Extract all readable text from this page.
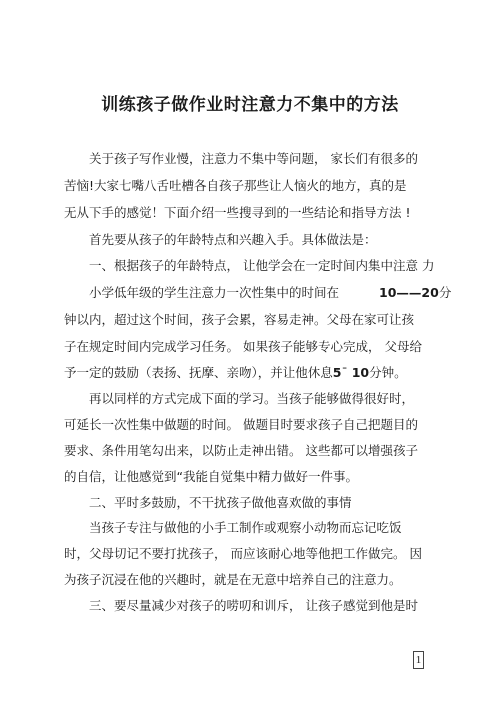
训练孩子做作业时注意力不集中的方法
关于孩子写作业慢，注意力不集中等问题， 家长们有很多的
苦恼!大家七嘴八舌吐槽各自孩子那些让人恼火的地方，真的是
无从下手的感觉！下面介绍一些搜寻到的一些结论和指导方法 !
首先要从孩子的年龄特点和兴趣入手。具体做法是：
一、根据孩子的年龄特点， 让他学会在一定时间内集中注意 力
小学低年级的学生注意力一次性集中的时间在	10——20分
钟以内，超过这个时间，孩子会累，容易走神。父母在家可让孩
子在规定时间内完成学习任务。 如果孩子能够专心完成， 父母给
予一定的鼓励（表扬、抚摩、亲吻），并让他休息5¯ 10分钟。
再以同样的方式完成下面的学习。当孩子能够做得很好时，
可延长一次性集中做题的时间。 做题目时要求孩子自己把题目的
要求、条件用笔勾出来，以防止走神出错。 这些都可以增强孩子
的自信，让他感觉到“我能自觉集中精力做好一件事。
二、平时多鼓励，不干扰孩子做他喜欢做的事情
当孩子专注与做他的小手工制作或观察小动物而忘记吃饭
时，父母切记不要打扰孩子， 而应该耐心地等他把工作做完。 因
为孩子沉浸在他的兴趣时，就是在无意中培养自己的注意力。
三、要尽量减少对孩子的唠叨和训斥， 让孩子感觉到他是时
1
